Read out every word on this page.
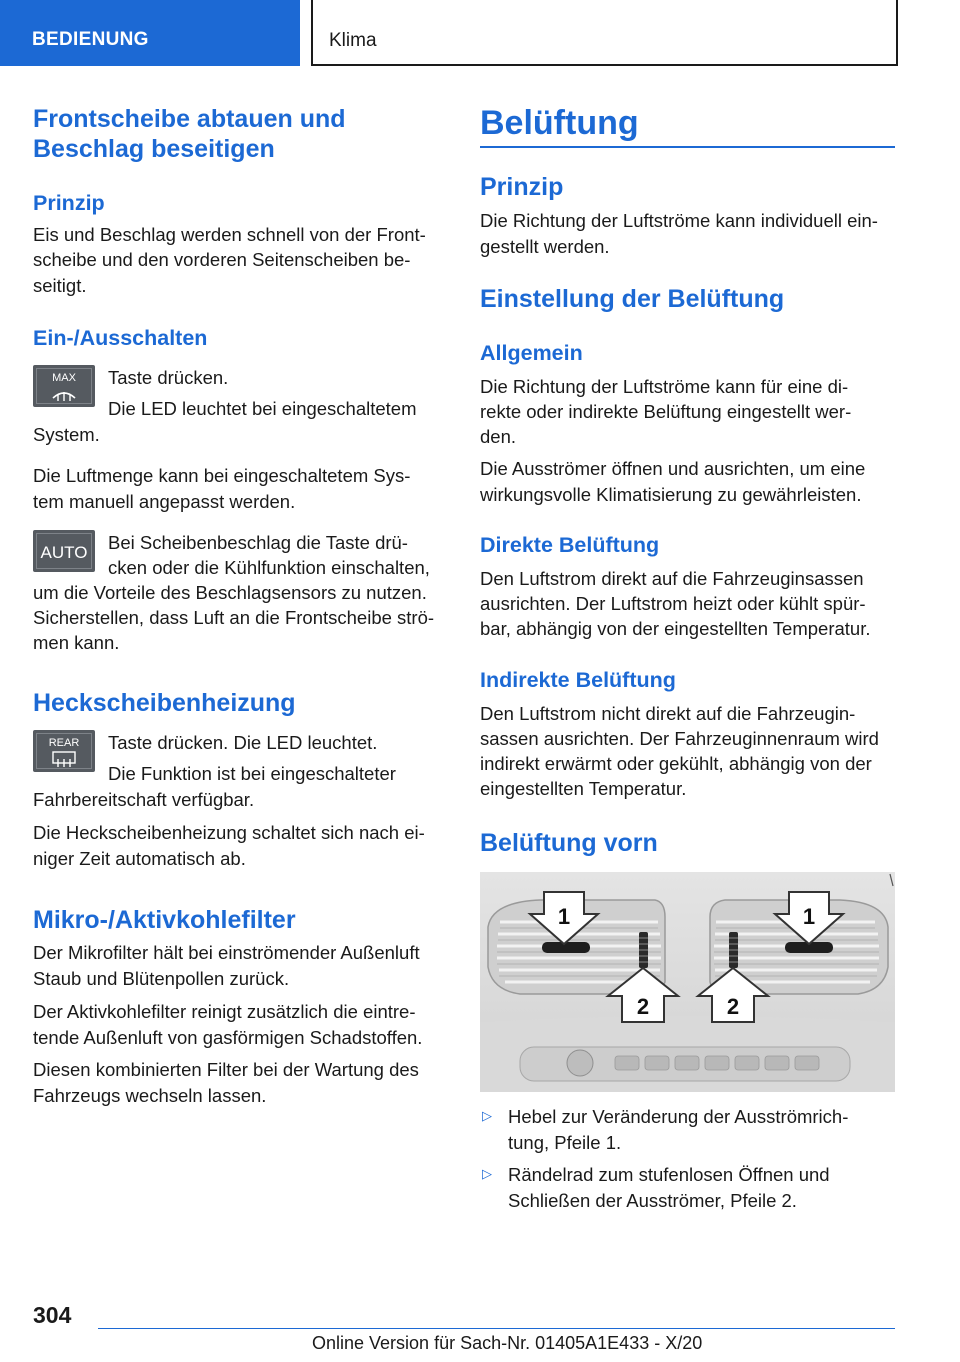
BEDIENUNG	Klima

Frontscheibe abtauen und

Beschlag beseitigen

Prinzip

Eis und Beschlag werden schnell von der Front‐

scheibe und den vorderen Seitenscheiben be‐

seitigt.

Ein-/Ausschalten

MAX Taste drücken.

Die LED leuchtet bei eingeschaltetem

System.

Die Luftmenge kann bei eingeschaltetem Sys‐

tem manuell angepasst werden.

AUTO Bei Scheibenbeschlag die Taste drü‐

cken oder die Kühlfunktion einschalten,

um die Vorteile des Beschlagsensors zu nutzen.

Sicherstellen, dass Luft an die Frontscheibe strö‐

men kann.

Heckscheibenheizung

REAR Taste drücken. Die LED leuchtet.

Die Funktion ist bei eingeschalteter

Fahrbereitschaft verfügbar.

Die Heckscheibenheizung schaltet sich nach ei‐

niger Zeit automatisch ab.

Mikro-/Aktivkohlefilter

Der Mikrofilter hält bei einströmender Außenluft

Staub und Blütenpollen zurück.

Der Aktivkohlefilter reinigt zusätzlich die eintre‐

tende Außenluft von gasförmigen Schadstoffen.

Diesen kombinierten Filter bei der Wartung des

Fahrzeugs wechseln lassen.

Belüftung

Prinzip

Die Richtung der Luftströme kann individuell ein‐

gestellt werden.

Einstellung der Belüftung

Allgemein

Die Richtung der Luftströme kann für eine di‐

rekte oder indirekte Belüftung eingestellt wer‐

den.

Die Ausströmer öffnen und ausrichten, um eine

wirkungsvolle Klimatisierung zu gewährleisten.

Direkte Belüftung

Den Luftstrom direkt auf die Fahrzeuginsassen

ausrichten. Der Luftstrom heizt oder kühlt spür‐

bar, abhängig von der eingestellten Temperatur.

Indirekte Belüftung

Den Luftstrom nicht direkt auf die Fahrzeugin‐

sassen ausrichten. Der Fahrzeuginnenraum wird

indirekt erwärmt oder gekühlt, abhängig von der

eingestellten Temperatur.

Belüftung vorn

1	1
2	2
▷ Hebel zur Veränderung der Ausströmrich‐

tung, Pfeile 1.

▷ Rändelrad zum stufenlosen Öffnen und

Schließen der Ausströmer, Pfeile 2.

304
Online Version für Sach-Nr. 01405A1E433 - X/20
